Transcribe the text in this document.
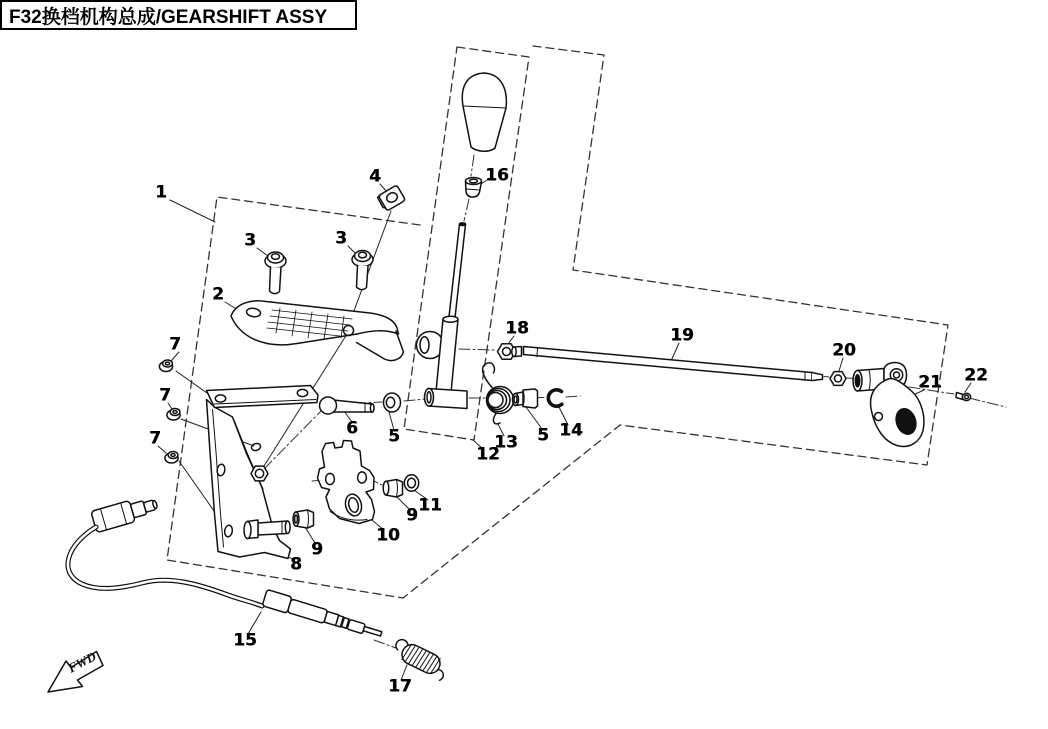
FWD
F32换档机构总成/GEARSHIFT ASSY
1
2
3	3
4
5	5
6
7
7
7
8
9
9
10
11
12
13
14
15
16
17
18	19
20
21 22
